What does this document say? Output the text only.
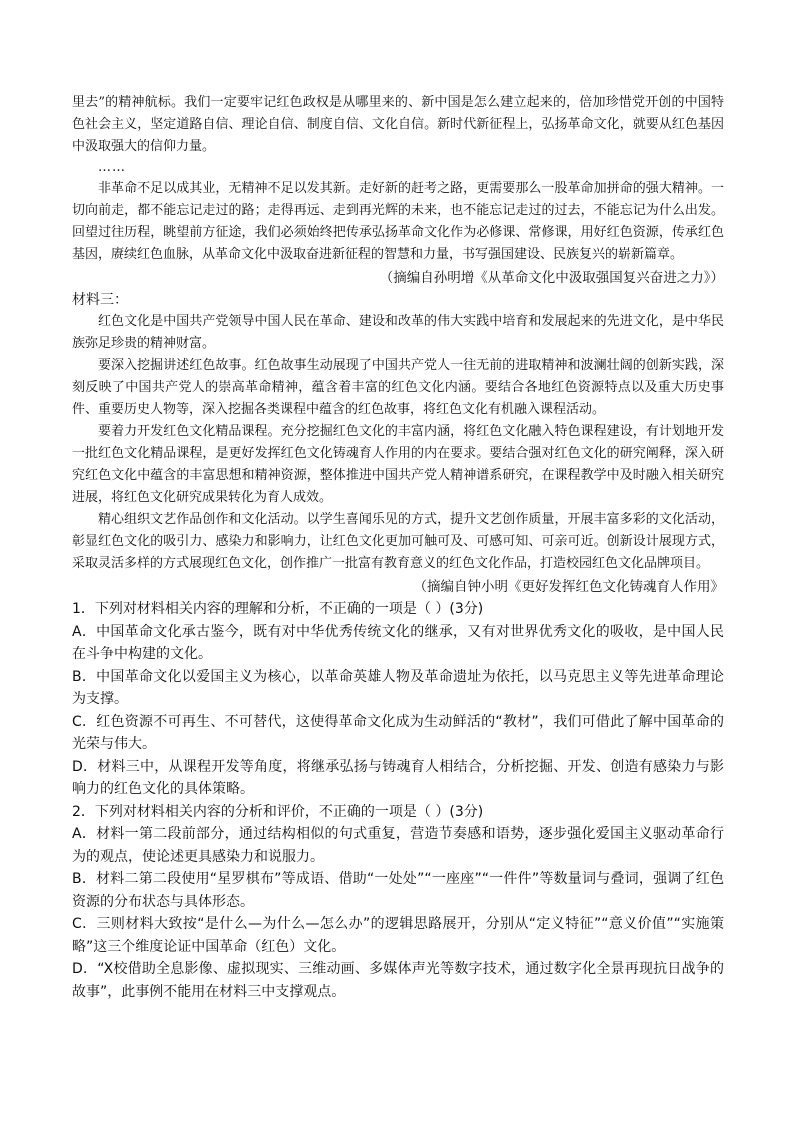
里去”的精神航标。我们一定要牢记红色政权是从哪里来的、新中国是怎么建立起来的，倍加珍惜党开创的中国特色社会主义，坚定道路自信、理论自信、制度自信、文化自信。新时代新征程上，弘扬革命文化，就要从红色基因中汲取强大的信仰力量。

……

非革命不足以成其业，无精神不足以发其新。走好新的赶考之路，更需要那么一股革命加拼命的强大精神。一切向前走，都不能忘记走过的路；走得再远、走到再光辉的未来，也不能忘记走过的过去，不能忘记为什么出发。回望过往历程，眺望前方征途，我们必须始终把传承弘扬革命文化作为必修课、常修课，用好红色资源，传承红色基因，赓续红色血脉，从革命文化中汲取奋进新征程的智慧和力量，书写强国建设、民族复兴的崭新篇章。

（摘编自孙明增《从革命文化中汲取强国复兴奋进之力》）

材料三：

红色文化是中国共产党领导中国人民在革命、建设和改革的伟大实践中培育和发展起来的先进文化，是中华民族弥足珍贵的精神财富。

要深入挖掘讲述红色故事。红色故事生动展现了中国共产党人一往无前的进取精神和波澜壮阔的创新实践，深刻反映了中国共产党人的崇高革命精神，蕴含着丰富的红色文化内涵。要结合各地红色资源特点以及重大历史事件、重要历史人物等，深入挖掘各类课程中蕴含的红色故事，将红色文化有机融入课程活动。

要着力开发红色文化精品课程。充分挖掘红色文化的丰富内涵，将红色文化融入特色课程建设，有计划地开发一批红色文化精品课程，是更好发挥红色文化铸魂育人作用的内在要求。要结合强对红色文化的研究阐释，深入研究红色文化中蕴含的丰富思想和精神资源，整体推进中国共产党人精神谱系研究，在课程教学中及时融入相关研究进展，将红色文化研究成果转化为育人成效。

精心组织文艺作品创作和文化活动。以学生喜闻乐见的方式，提升文艺创作质量，开展丰富多彩的文化活动，彰显红色文化的吸引力、感染力和影响力，让红色文化更加可触可及、可感可知、可亲可近。创新设计展现方式，采取灵活多样的方式展现红色文化，创作推广一批富有教育意义的红色文化作品，打造校园红色文化品牌项目。

（摘编自钟小明《更好发挥红色文化铸魂育人作用》

1．下列对材料相关内容的理解和分析，不正确的一项是（ ）(3分)

A．中国革命文化承古鉴今，既有对中华优秀传统文化的继承，又有对世界优秀文化的吸收，是中国人民在斗争中构建的文化。

B．中国革命文化以爱国主义为核心，以革命英雄人物及革命遗址为依托，以马克思主义等先进革命理论为支撑。

C．红色资源不可再生、不可替代，这使得革命文化成为生动鲜活的“教材”，我们可借此了解中国革命的光荣与伟大。

D．材料三中，从课程开发等角度，将继承弘扬与铸魂育人相结合，分析挖掘、开发、创造有感染力与影响力的红色文化的具体策略。

2．下列对材料相关内容的分析和评价，不正确的一项是（ ）(3分)

A．材料一第二段前部分，通过结构相似的句式重复，营造节奏感和语势，逐步强化爱国主义驱动革命行为的观点，使论述更具感染力和说服力。

B．材料二第二段使用“星罗棋布”等成语、借助“一处处”“一座座”“一件件”等数量词与叠词，强调了红色资源的分布状态与具体形态。

C．三则材料大致按“是什么—为什么—怎么办”的逻辑思路展开，分别从“定义特征”“意义价值”“实施策略”这三个维度论证中国革命（红色）文化。

D．“X校借助全息影像、虚拟现实、三维动画、多媒体声光等数字技术，通过数字化全景再现抗日战争的故事”，此事例不能用在材料三中支撑观点。
